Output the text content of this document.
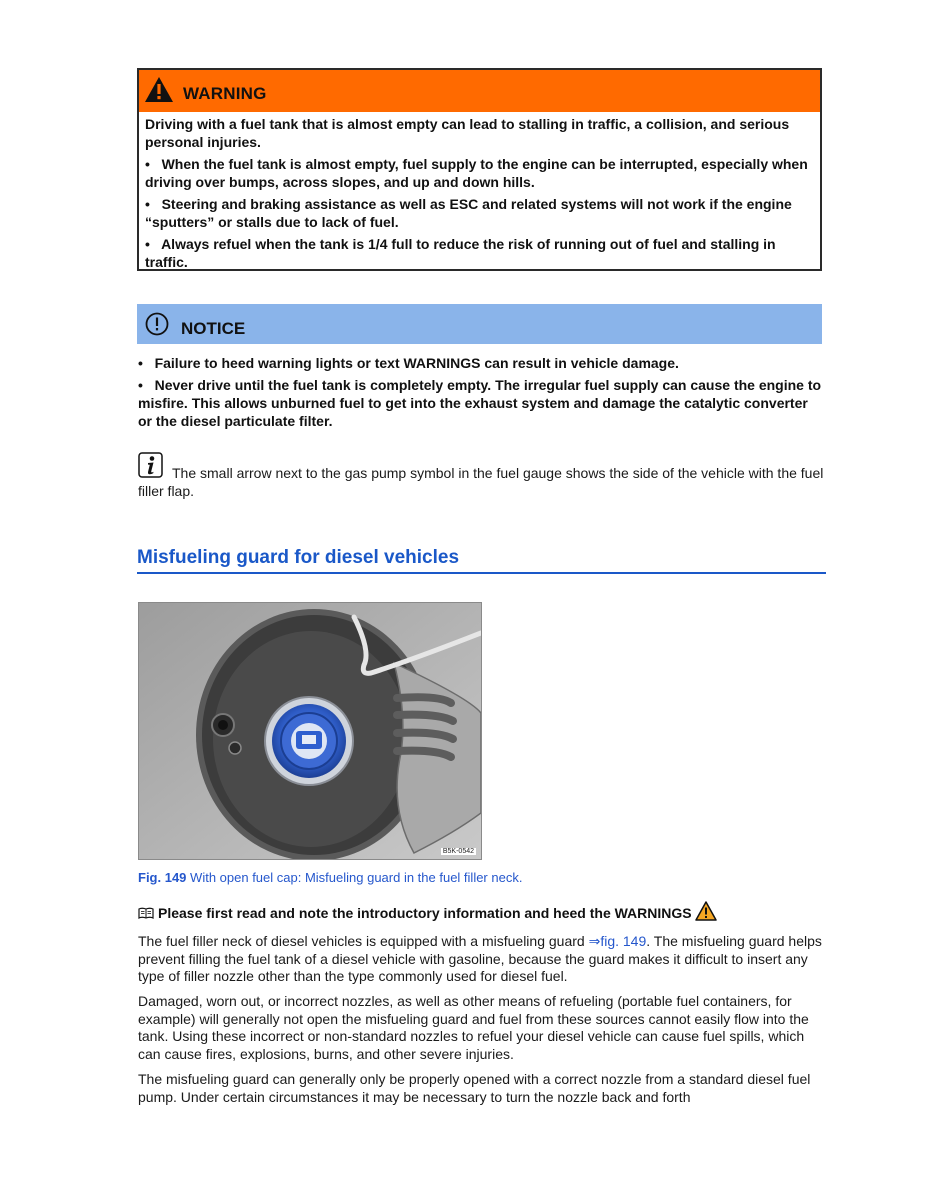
WARNING
Driving with a fuel tank that is almost empty can lead to stalling in traffic, a collision, and serious personal injuries.
•   When the fuel tank is almost empty, fuel supply to the engine can be interrupted, especially when driving over bumps, across slopes, and up and down hills.
•   Steering and braking assistance as well as ESC and related systems will not work if the engine “sputters” or stalls due to lack of fuel.
•   Always refuel when the tank is 1/4 full to reduce the risk of running out of fuel and stalling in traffic.
NOTICE
•   Failure to heed warning lights or text WARNINGS can result in vehicle damage.
•   Never drive until the fuel tank is completely empty. The irregular fuel supply can cause the engine to misfire. This allows unburned fuel to get into the exhaust system and damage the catalytic converter or the diesel particulate filter.
The small arrow next to the gas pump symbol in the fuel gauge shows the side of the vehicle with the fuel filler flap.
Misfueling guard for diesel vehicles
B5K-0542
Fig. 149 With open fuel cap: Misfueling guard in the fuel filler neck.
Please first read and note the introductory information and heed the WARNINGS
The fuel filler neck of diesel vehicles is equipped with a misfueling guard ⇒fig. 149. The misfueling guard helps prevent filling the fuel tank of a diesel vehicle with gasoline, because the guard makes it difficult to insert any type of filler nozzle other than the type commonly used for diesel fuel.
Damaged, worn out, or incorrect nozzles, as well as other means of refueling (portable fuel containers, for example) will generally not open the misfueling guard and fuel from these sources cannot easily flow into the tank. Using these incorrect or non-standard nozzles to refuel your diesel vehicle can cause fuel spills, which can cause fires, explosions, burns, and other severe injuries.
The misfueling guard can generally only be properly opened with a correct nozzle from a standard diesel fuel pump. Under certain circumstances it may be necessary to turn the nozzle back and forth
